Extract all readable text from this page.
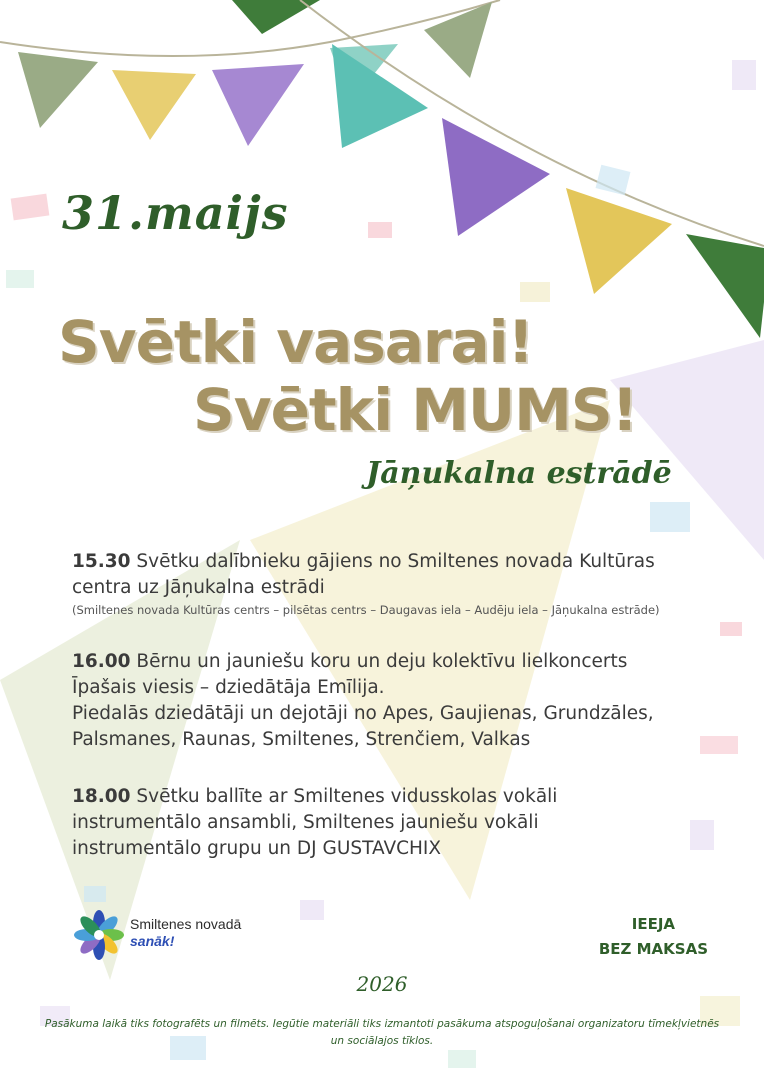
31.maijs
Svētki vasarai!
Svētki MUMS!
Jāņukalna estrādē
15.30 Svētku dalībnieku gājiens no Smiltenes novada Kultūras
centra uz Jāņukalna estrādi
(Smiltenes novada Kultūras centrs – pilsētas centrs – Daugavas iela – Audēju iela – Jāņukalna estrāde)
16.00 Bērnu un jauniešu koru un deju kolektīvu lielkoncerts
Īpašais viesis – dziedātāja Emīlija.
Piedalās dziedātāji un dejotāji no Apes, Gaujienas, Grundzāles,
Palsmanes, Raunas, Smiltenes, Strenčiem, Valkas
18.00 Svētku ballīte ar Smiltenes vidusskolas vokāli
instrumentālo ansambli, Smiltenes jauniešu vokāli
instrumentālo grupu un DJ GUSTAVCHIX
Smiltenes novadā
sanāk!
IEEJA
BEZ MAKSAS
2026
Pasākuma laikā tiks fotografēts un filmēts. Iegūtie materiāli tiks izmantoti pasākuma atspoguļošanai organizatoru tīmekļvietnēs un sociālajos tīklos.
